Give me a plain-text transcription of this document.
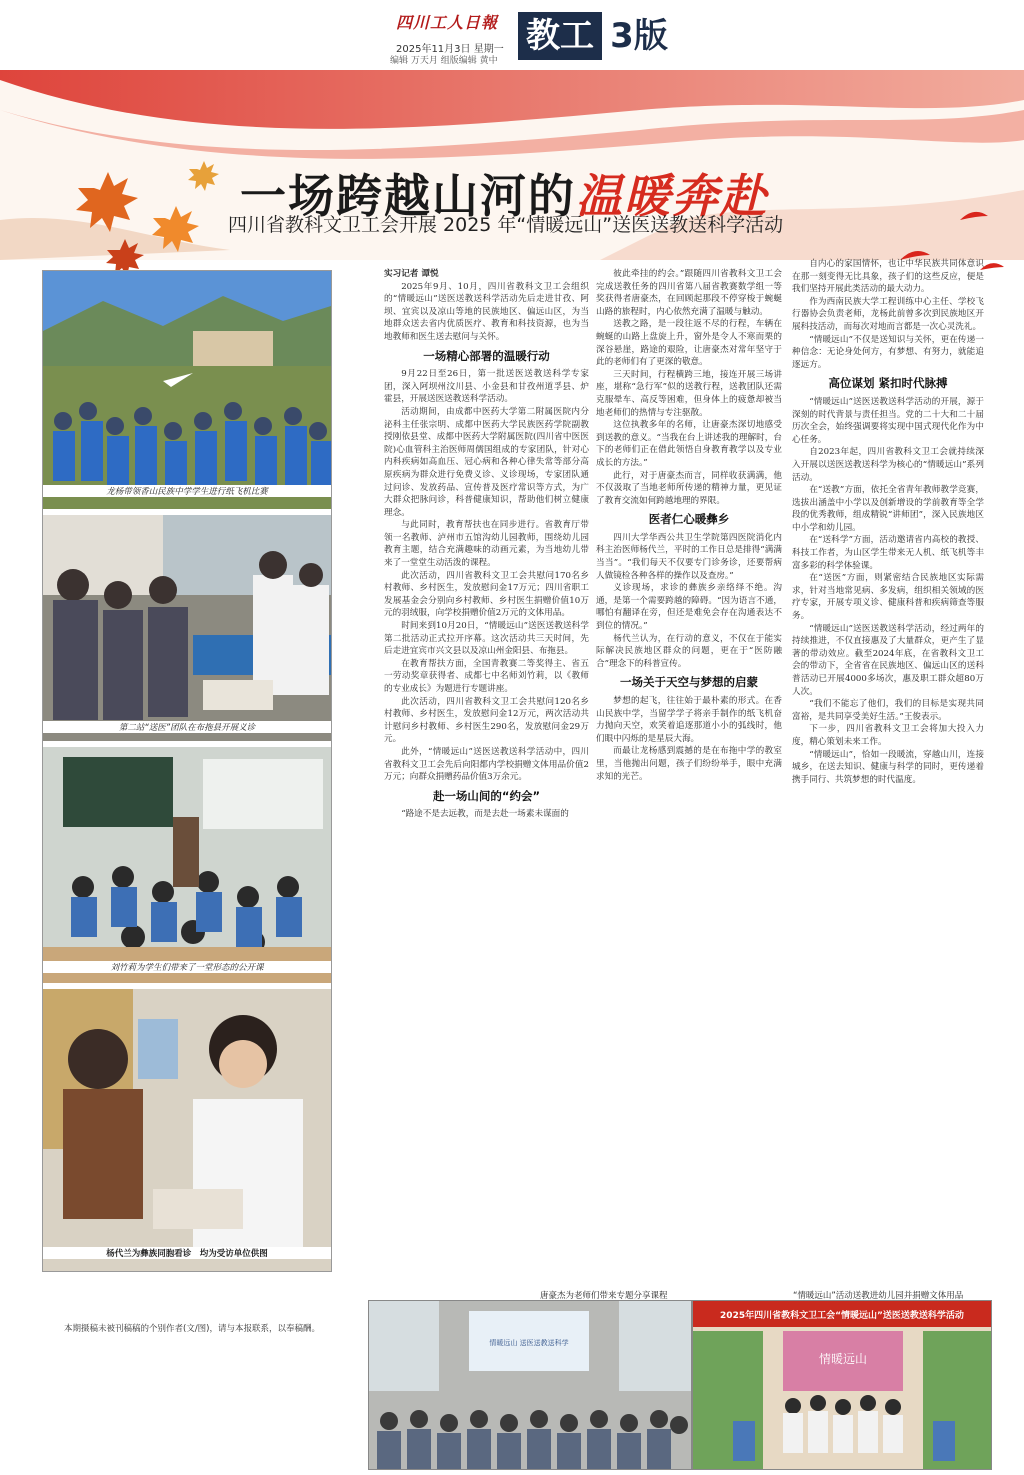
四川工人日報
2025年11月3日 星期一
编辑 万天月 组版编辑 黄中
教工 3版
一场跨越山河的温暖奔赴
四川省教科文卫工会开展 2025 年“情暖远山”送医送教送科学活动
龙杨带领香山民族中学学生进行纸飞机比赛
第二站“送医”团队在布拖县开展义诊
刘竹莉为学生们带来了一堂形态的公开课
杨代兰为彝族同胞看诊　均为受访单位供图

实习记者 谭悦

2025年9月、10月，四川省教科文卫工会组织的“情暖远山”送医送教送科学活动先后走进甘孜、阿坝、宜宾以及凉山等地的民族地区、偏远山区，为当地群众送去省内优质医疗、教育和科技资源，也为当地教师和医生送去慰问与关怀。

一场精心部署的温暖行动

9月22日至26日，第一批送医送教送科学专家团，深入阿坝州汶川县、小金县和甘孜州道孚县、炉霍县，开展送医送教送科学活动。

活动期间，由成都中医药大学第二附属医院内分泌科主任张宗明、成都中医药大学民族医药学院副教授刚依县堂、成都中医药大学附属医院(四川省中医医院)心血管科主治医师周儒国组成的专家团队，针对心内科疾病如高血压、冠心病和各种心律失常等部分高原疾病为群众进行免费义诊、义诊现场，专家团队通过问诊、发放药品、宣传普及医疗常识等方式，为广大群众把脉问诊，科普健康知识，帮助他们树立健康理念。

与此同时，教育帮扶也在同步进行。省教育厅带领一名教师、泸州市五馆沟幼儿园教师，围绕幼儿园教育主题，结合充满趣味的动画元素，为当地幼儿带来了一堂堂生动活泼的课程。

此次活动，四川省教科文卫工会共慰问170名乡村教师、乡村医生，发放慰问金17万元；四川省职工发展基金会分别向乡村教师、乡村医生捐赠价值10万元的羽绒服，向学校捐赠价值2万元的文体用品。

时间来到10月20日，“情暖远山”送医送教送科学第二批活动正式拉开序幕。这次活动共三天时间，先后走进宜宾市兴文县以及凉山州金阳县、布拖县。

在教育帮扶方面，全国青教赛二等奖得主、省五一劳动奖章获得者、成都七中名师刘竹莉，以《教师的专业成长》为题进行专题讲座。

此次活动，四川省教科文卫工会共慰问120名乡村教师、乡村医生，发放慰问金12万元，两次活动共计慰问乡村教师、乡村医生290名，发放慰问金29万元。

此外，“情暖远山”送医送教送科学活动中，四川省教科文卫工会先后向阳都内学校捐赠文体用品价值2万元；向群众捐赠药品价值3万余元。

赴一场山间的“约会”

“路途不是去远教，而是去赴一场素未谋面的

彼此牵挂的约会。”跟随四川省教科文卫工会完成送教任务的四川省第八届省教赛数学组一等奖获得者唐豪杰，在回顾起那段不停穿梭于蜿蜒山路的旅程时，内心依然充满了温暖与触动。

送教之路，是一段往返不尽的行程，车辆在蜿蜒的山路上盘旋上升，窗外是令人不寒而栗的深谷悬崖，路途的艰险，让唐豪杰对常年坚守于此的老师们有了更深的敬意。

三天时间，行程横跨三地，接连开展三场讲座，堪称“急行军”似的送教行程，送教团队还需克服晕车、高反等困难，但身体上的疲惫却被当地老师们的热情与专注驱散。

这位执教多年的名师，让唐豪杰深切地感受到送教的意义。“当我在台上讲述我的理解时，台下的老师们正在借此领悟自身教育教学以及专业成长的方法。”

此行，对于唐豪杰而言，同样收获满满，他不仅汲取了当地老师所传递的精神力量，更见证了教育交流如何跨越地理的界限。

医者仁心暖彝乡

四川大学华西公共卫生学院第四医院消化内科主治医师杨代兰，平时的工作日总是排得“满满当当”。“我们每天不仅要专门诊务诊，还要帮病人做镜检各种各样的操作以及查房。”

义诊现场，求诊的彝族乡亲络绎不绝。沟通，是第一个需要跨越的障碍。“因为语言不通，哪怕有翻译在旁，但还是难免会存在沟通表达不到位的情况。”

杨代兰认为，在行动的意义，不仅在于能实际解决民族地区群众的问题，更在于“医防融合”理念下的科普宣传。

一场关于天空与梦想的启蒙

梦想的起飞，往往始于最朴素的形式。在香山民族中学，当留学学子将亲手制作的纸飞机奋力抛向天空，欢笑着追逐那道小小的弧线时，他们眼中闪烁的是星辰大海。

而最让龙杨感到震撼的是在布拖中学的教室里，当他抛出问题，孩子们纷纷举手，眼中充满求知的光芒。

自内心的家国情怀，也让中华民族共同体意识在那一刻变得无比具象，孩子们的这些反应，便是我们坚持开展此类活动的最大动力。

作为西南民族大学工程训练中心主任、学校飞行器协会负责老师，龙杨此前曾多次到民族地区开展科技活动，而每次对地而言都是一次心灵洗礼。

“情暖远山”不仅是送知识与关怀，更在传递一种信念：无论身处何方，有梦想、有努力，就能追逐远方。

高位谋划 紧扣时代脉搏

“情暖远山”送医送教送科学活动的开展，源于深刻的时代背景与责任担当。党的二十大和二十届历次全会，始终强调要将实现中国式现代化作为中心任务。

自2023年起，四川省教科文卫工会就持续深入开展以送医送教送科学为核心的“情暖远山”系列活动。

在“送教”方面，依托全省青年教师教学竞赛，选拔出涵盖中小学以及创新增设的学前教育等全学段的优秀教师，组成精锐“讲师团”，深入民族地区中小学和幼儿园。

在“送科学”方面，活动邀请省内高校的教授、科技工作者，为山区学生带来无人机、纸飞机等丰富多彩的科学体验课。

在“送医”方面，则紧密结合民族地区实际需求，针对当地常见病、多发病，组织相关领域的医疗专家，开展专项义诊、健康科普和疾病筛查等服务。

“情暖远山”送医送教送科学活动，经过两年的持续推进，不仅直接惠及了大量群众，更产生了显著的带动效应。截至2024年底，在省教科文卫工会的带动下，全省省在民族地区、偏远山区的送科普活动已开展4000多场次，惠及职工群众超80万人次。

“我们不能忘了他们，我们的目标是实现共同富裕，是共同享受美好生活。”王俊表示。

下一步，四川省教科文卫工会将加大投入力度，精心策划未来工作。

“情暖远山”，恰如一段暖流，穿越山川，连接城乡，在送去知识、健康与科学的同时，更传递着携手同行、共筑梦想的时代温度。

本期摄稿未被刊稿稿的个别作者(文/图)，请与本报联系，以奉稿酬。
唐豪杰为老师们带来专题分享课程
情暖远山 送医送教送科学
“情暖远山”活动送教进幼儿园并捐赠文体用品
2025年四川省教科文卫工会“情暖远山”送医送教送科学活动
情暖远山
